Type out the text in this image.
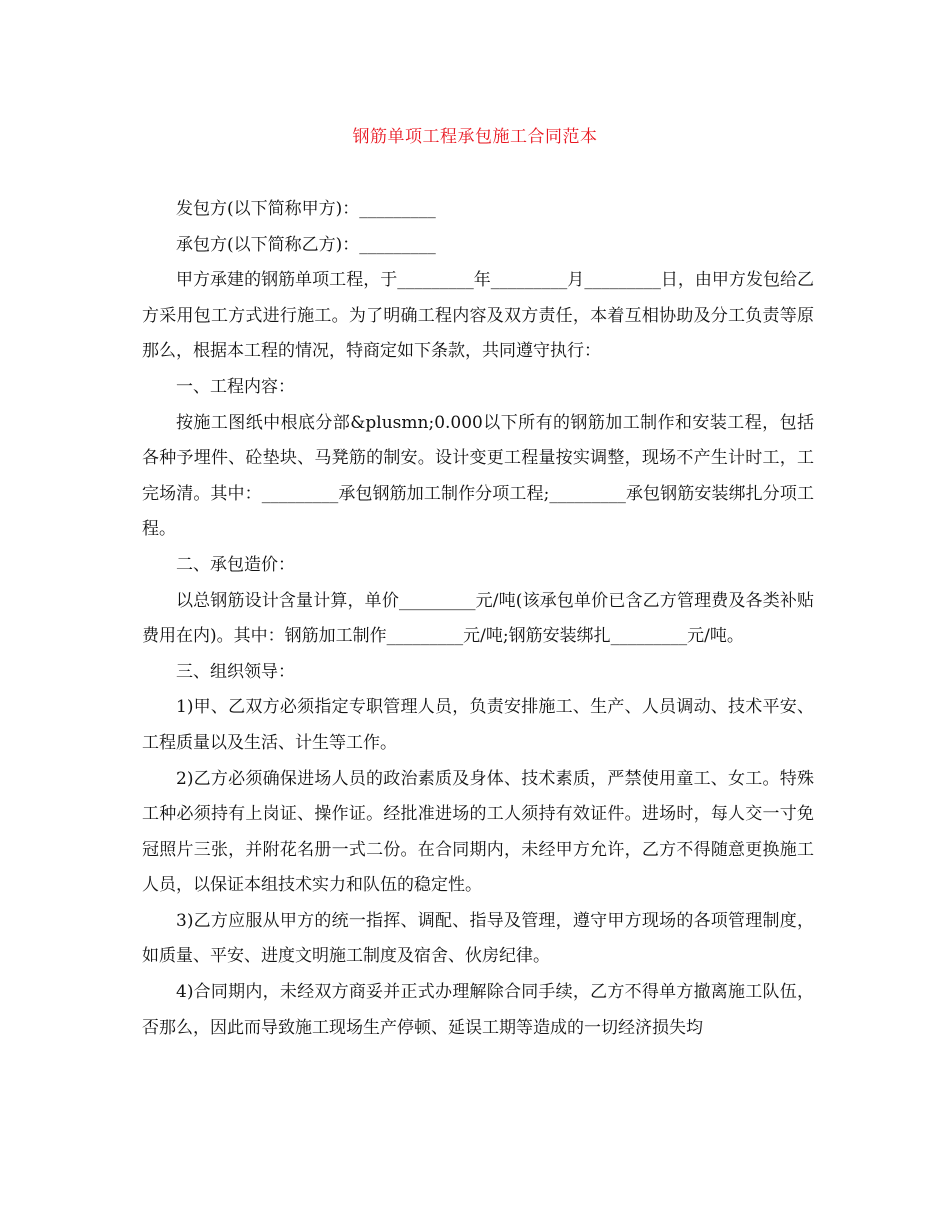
钢筋单项工程承包施工合同范本

发包方(以下简称甲方)：_________

承包方(以下简称乙方)：_________

甲方承建的钢筋单项工程，于_________年_________月_________日，由甲方发包给乙方采用包工方式进行施工。为了明确工程内容及双方责任，本着互相协助及分工负责等原那么，根据本工程的情况，特商定如下条款，共同遵守执行：

一、工程内容：

按施工图纸中根底分部&plusmn;0.000以下所有的钢筋加工制作和安装工程，包括各种予埋件、砼垫块、马凳筋的制安。设计变更工程量按实调整，现场不产生计时工，工完场清。其中：_________承包钢筋加工制作分项工程;_________承包钢筋安装绑扎分项工程。

二、承包造价：

以总钢筋设计含量计算，单价_________元/吨(该承包单价已含乙方管理费及各类补贴费用在内)。其中：钢筋加工制作_________元/吨;钢筋安装绑扎_________元/吨。

三、组织领导：

1)甲、乙双方必须指定专职管理人员，负责安排施工、生产、人员调动、技术平安、工程质量以及生活、计生等工作。

2)乙方必须确保进场人员的政治素质及身体、技术素质，严禁使用童工、女工。特殊工种必须持有上岗证、操作证。经批准进场的工人须持有效证件。进场时，每人交一寸免冠照片三张，并附花名册一式二份。在合同期内，未经甲方允许，乙方不得随意更换施工人员，以保证本组技术实力和队伍的稳定性。

3)乙方应服从甲方的统一指挥、调配、指导及管理，遵守甲方现场的各项管理制度，如质量、平安、进度文明施工制度及宿舍、伙房纪律。

4)合同期内，未经双方商妥并正式办理解除合同手续，乙方不得单方撤离施工队伍，否那么，因此而导致施工现场生产停顿、延误工期等造成的一切经济损失均
